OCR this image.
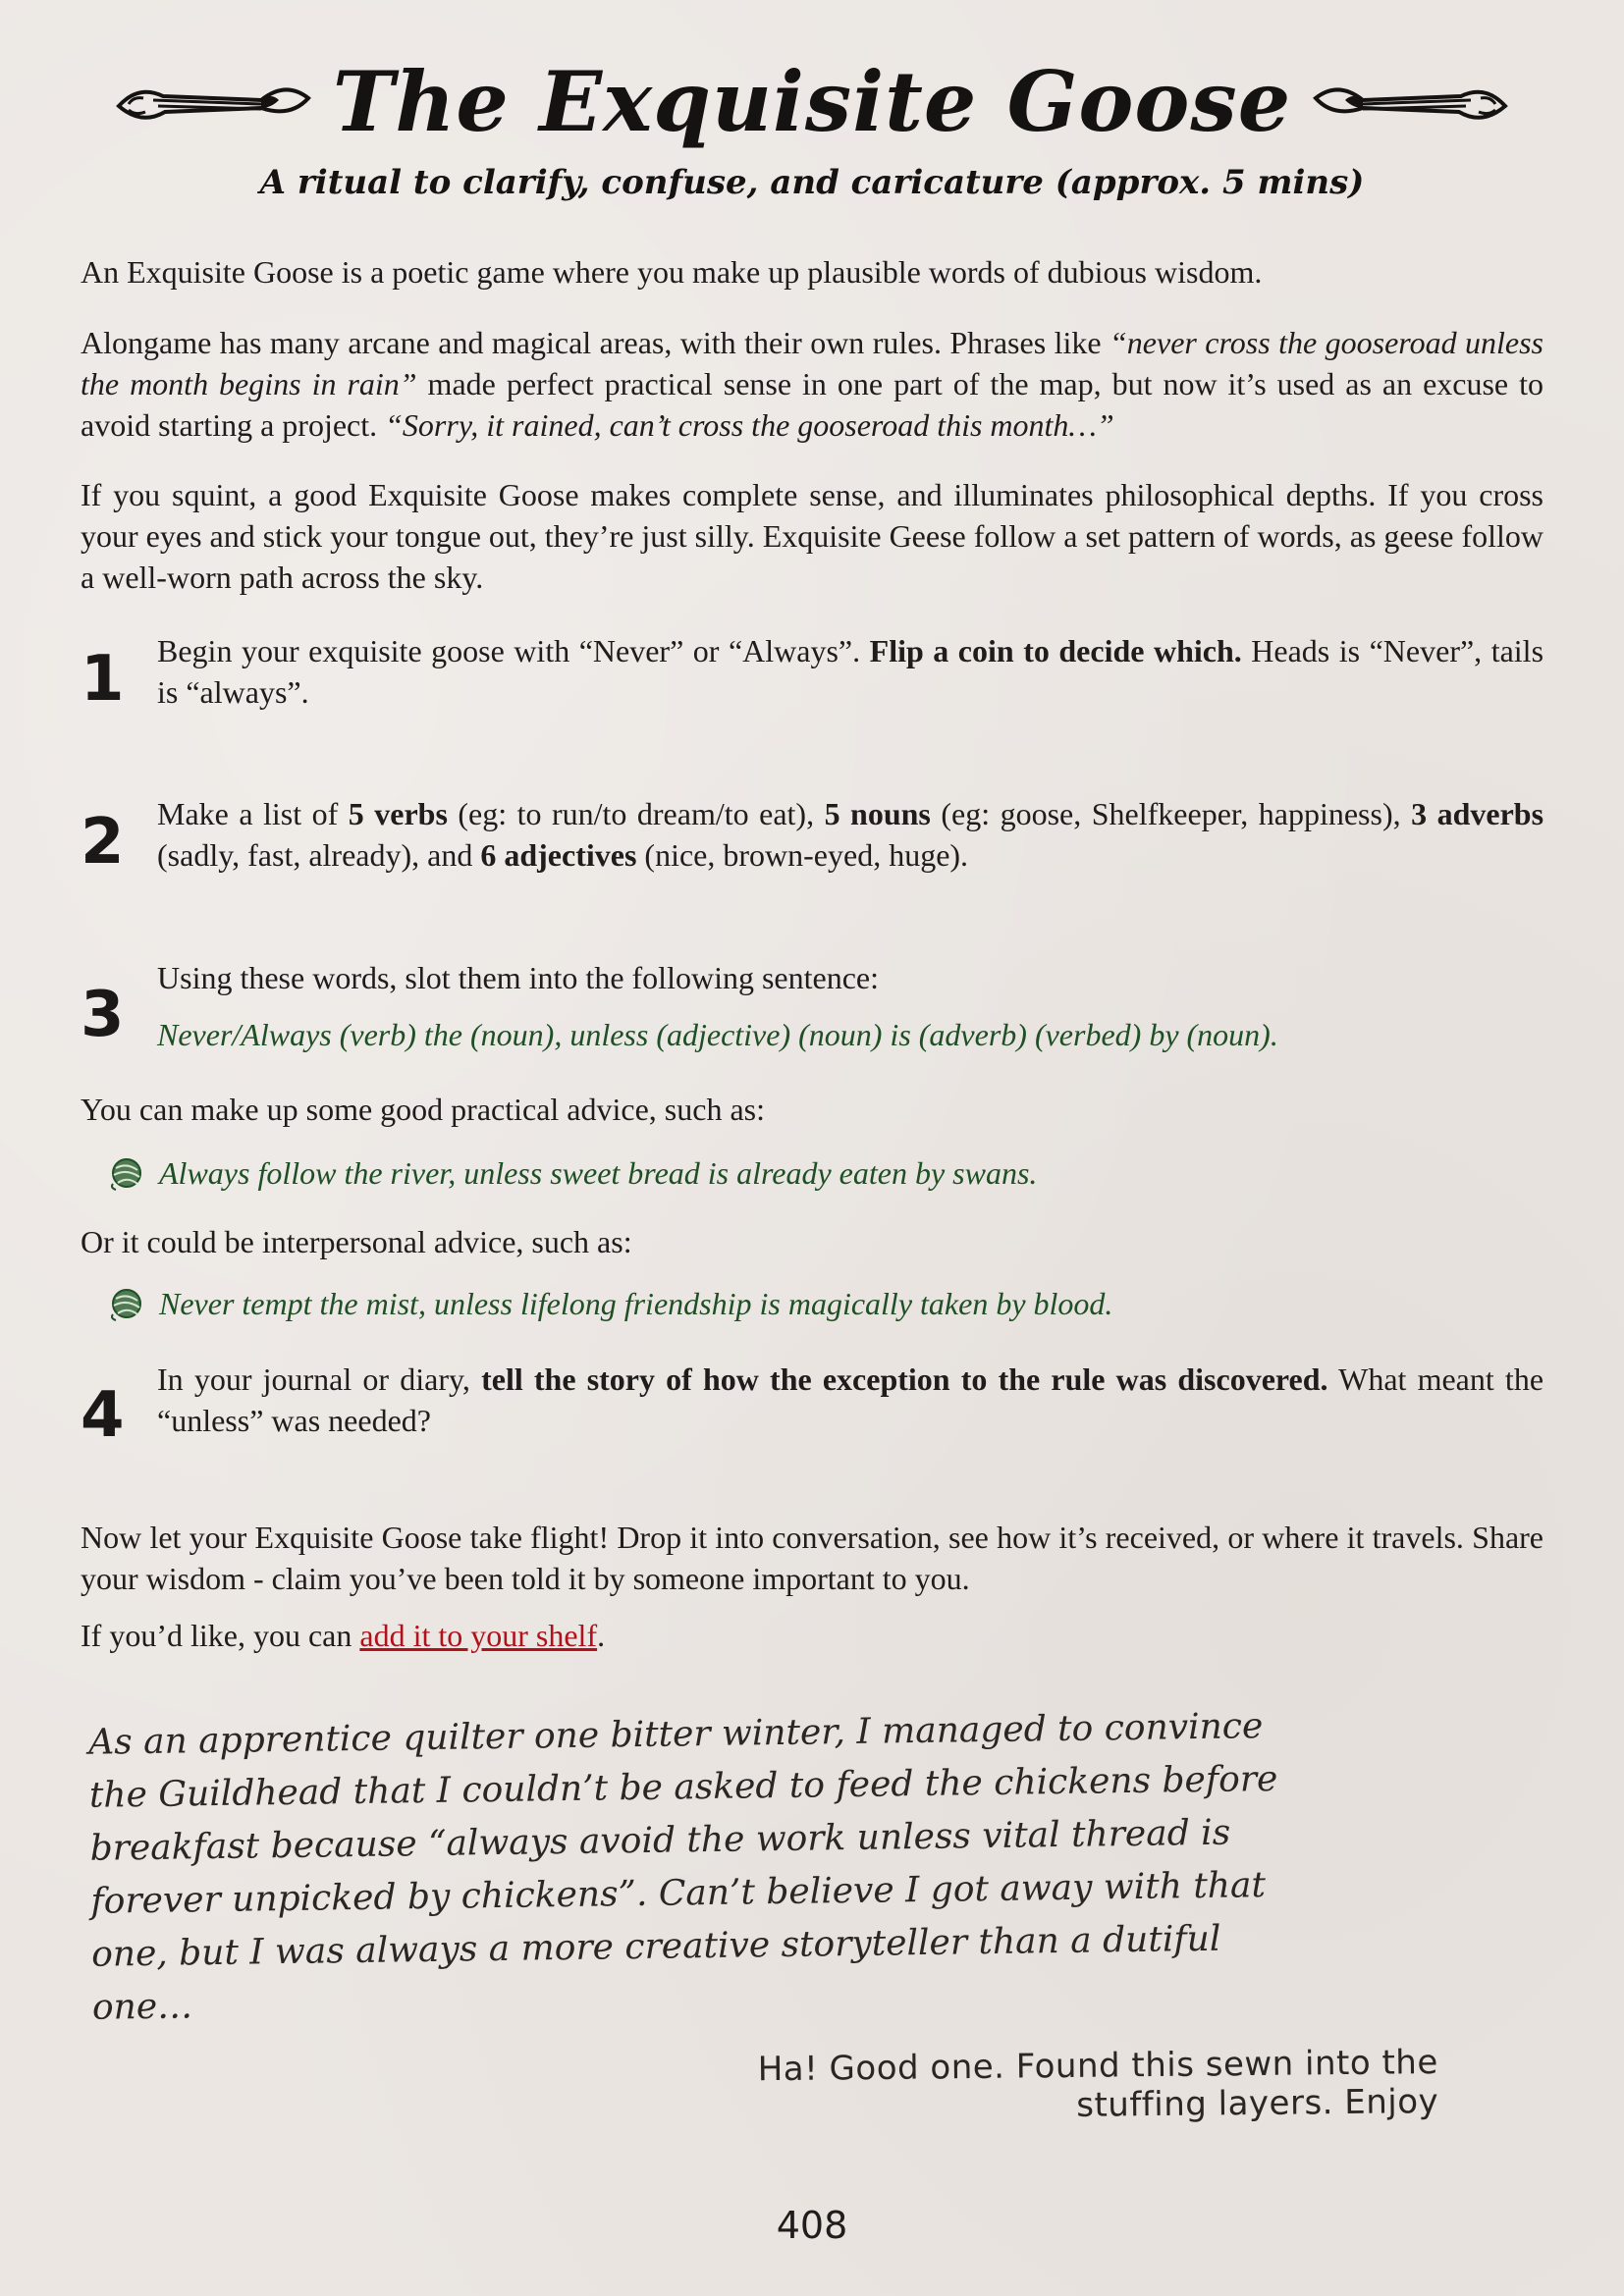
The Exquisite Goose
A ritual to clarify, confuse, and caricature (approx. 5 mins)
An Exquisite Goose is a poetic game where you make up plausible words of dubious wisdom.
Alongame has many arcane and magical areas, with their own rules. Phrases like “never cross the gooseroad unless the month begins in rain” made perfect practical sense in one part of the map, but now it’s used as an excuse to avoid starting a project. “Sorry, it rained, can’t cross the gooseroad this month…”
If you squint, a good Exquisite Goose makes complete sense, and illuminates philosophical depths. If you cross your eyes and stick your tongue out, they’re just silly. Exquisite Geese follow a set pattern of words, as geese follow a well-worn path across the sky.
1	Begin your exquisite goose with “Never” or “Always”. Flip a coin to decide which. Heads is “Never”, tails is “always”.
2	Make a list of 5 verbs (eg: to run/to dream/to eat), 5 nouns (eg: goose, Shelfkeeper, happiness), 3 adverbs (sadly, fast, already), and 6 adjectives (nice, brown-eyed, huge).
3
Using these words, slot them into the following sentence:
Never/Always (verb) the (noun), unless (adjective) (noun) is (adverb) (verbed) by (noun).
You can make up some good practical advice, such as:
Always follow the river, unless sweet bread is already eaten by swans.
Or it could be interpersonal advice, such as:
Never tempt the mist, unless lifelong friendship is magically taken by blood.
4	In your journal or diary, tell the story of how the exception to the rule was discovered. What meant the “unless” was needed?
Now let your Exquisite Goose take flight! Drop it into conversation, see how it’s received, or where it travels. Share your wisdom - claim you’ve been told it by someone important to you.
If you’d like, you can add it to your shelf.
As an apprentice quilter one bitter winter, I managed to convince the Guildhead that I couldn’t be asked to feed the chickens before breakfast because “always avoid the work unless vital thread is forever unpicked by chickens”. Can’t believe I got away with that one, but I was always a more creative storyteller than a dutiful one…
Ha! Good one. Found this sewn into the stuffing layers. Enjoy
408
